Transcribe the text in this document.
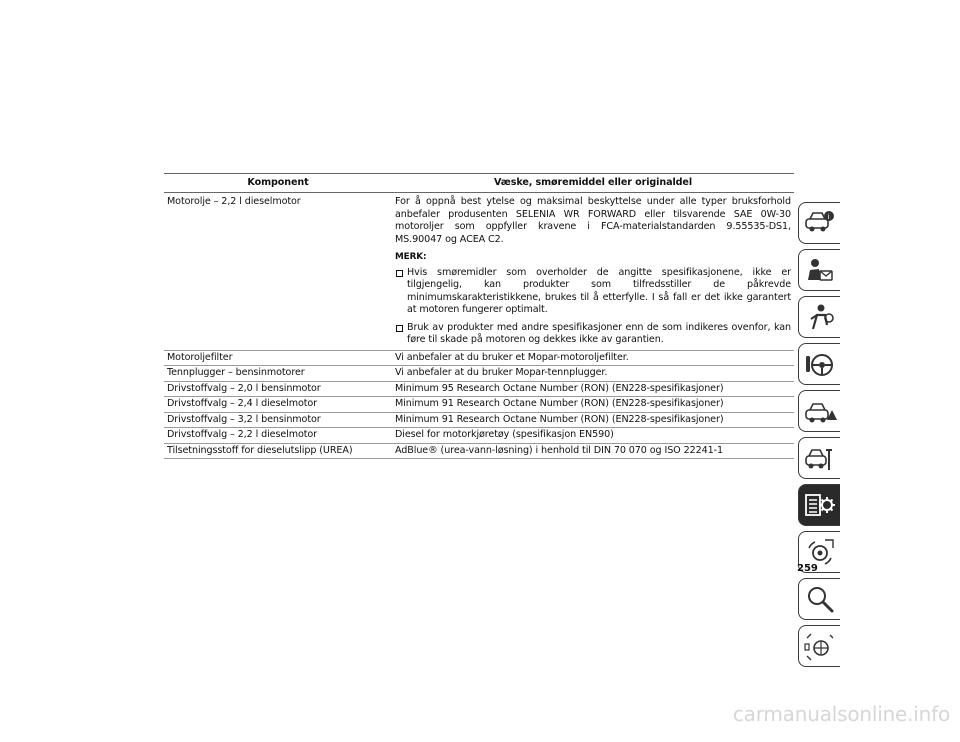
Komponent	Væske, smøremiddel eller originaldel
Motorolje – 2,2 l dieselmotor	For å oppnå best ytelse og maksimal beskyttelse under alle typer bruksforhold anbefaler produsenten SELENIA WR FORWARD eller tilsvarende SAE 0W-30 motoroljer som oppfyller kravene i FCA-materialstandarden 9.55535-DS1, MS.90047 og ACEA C2.
MERK:
Hvis smøremidler som overholder de angitte spesifikasjonene, ikke er tilgjengelig, kan produkter som tilfredsstiller de påkrevde minimumskarakteristikkene, brukes til å etterfylle. I så fall er det ikke garantert at motoren fungerer optimalt.
Bruk av produkter med andre spesifikasjoner enn de som indikeres ovenfor, kan føre til skade på motoren og dekkes ikke av garantien.

Motoroljefilter	Vi anbefaler at du bruker et Mopar-motoroljefilter.
Tennplugger – bensinmotorer	Vi anbefaler at du bruker Mopar-tennplugger.
Drivstoffvalg – 2,0 l bensinmotor	Minimum 95 Research Octane Number (RON) (EN228-spesifikasjoner)
Drivstoffvalg – 2,4 l dieselmotor	Minimum 91 Research Octane Number (RON) (EN228-spesifikasjoner)
Drivstoffvalg – 3,2 l bensinmotor	Minimum 91 Research Octane Number (RON) (EN228-spesifikasjoner)
Drivstoffvalg – 2,2 l dieselmotor	Diesel for motorkjøretøy (spesifikasjon EN590)
Tilsetningsstoff for dieselutslipp (UREA)	AdBlue® (urea-vann-løsning) i henhold til DIN 70 070 og ISO 22241-1
i
259
carmanualsonline.info
